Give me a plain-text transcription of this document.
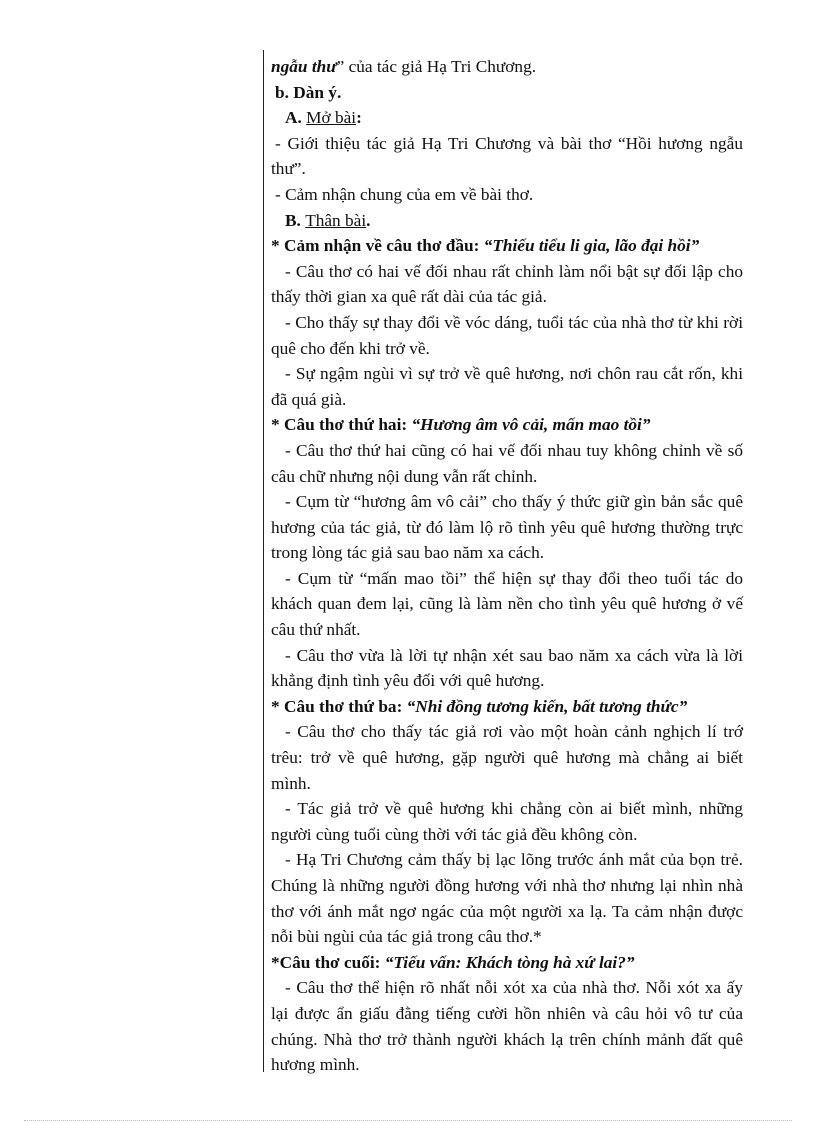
ngẫu thư” của tác giả Hạ Tri Chương.

b. Dàn ý.

A. Mở bài:

- Giới thiệu tác giả Hạ Tri Chương và bài thơ “Hồi hương ngẫu thư”.

- Cảm nhận chung của em về bài thơ.

B. Thân bài.

* Cảm nhận về câu thơ đầu: “Thiếu tiểu li gia, lão đại hồi”

- Câu thơ có hai vế đối nhau rất chỉnh làm nổi bật sự đối lập cho thấy thời gian xa quê rất dài của tác giả.

- Cho thấy sự thay đổi về vóc dáng, tuổi tác của nhà thơ từ khi rời quê cho đến khi trở về.

- Sự ngậm ngùi vì sự trở về quê hương, nơi chôn rau cắt rốn, khi đã quá già.

* Câu thơ thứ hai: “Hương âm vô cải, mấn mao tồi”

- Câu thơ thứ hai cũng có hai vế đối nhau tuy không chỉnh về số câu chữ nhưng nội dung vẫn rất chỉnh.

- Cụm từ “hương âm vô cải” cho thấy ý thức giữ gìn bản sắc quê hương của tác giả, từ đó làm lộ rõ tình yêu quê hương thường trực trong lòng tác giả sau bao năm xa cách.

- Cụm từ “mấn mao tồi” thể hiện sự thay đổi theo tuổi tác do khách quan đem lại, cũng là làm nền cho tình yêu quê hương ở vế câu thứ nhất.

- Câu thơ vừa là lời tự nhận xét sau bao năm xa cách vừa là lời khẳng định tình yêu đối với quê hương.

* Câu thơ thứ ba: “Nhi đồng tương kiến, bất tương thức”

- Câu thơ cho thấy tác giả rơi vào một hoàn cảnh nghịch lí trớ trêu: trở về quê hương, gặp người quê hương mà chẳng ai biết mình.

- Tác giả trở về quê hương khi chẳng còn ai biết mình, những người cùng tuổi cùng thời với tác giả đều không còn.

- Hạ Tri Chương cảm thấy bị lạc lõng trước ánh mắt của bọn trẻ. Chúng là những người đồng hương với nhà thơ nhưng lại nhìn nhà thơ với ánh mắt ngơ ngác của một người xa lạ. Ta cảm nhận được nỗi bùi ngùi của tác giả trong câu thơ.*

*Câu thơ cuối: “Tiếu vấn: Khách tòng hà xứ lai?”

- Câu thơ thể hiện rõ nhất nỗi xót xa của nhà thơ. Nỗi xót xa ấy lại được ẩn giấu đằng tiếng cười hồn nhiên và câu hỏi vô tư của chúng. Nhà thơ trở thành người khách lạ trên chính mảnh đất quê hương mình.
